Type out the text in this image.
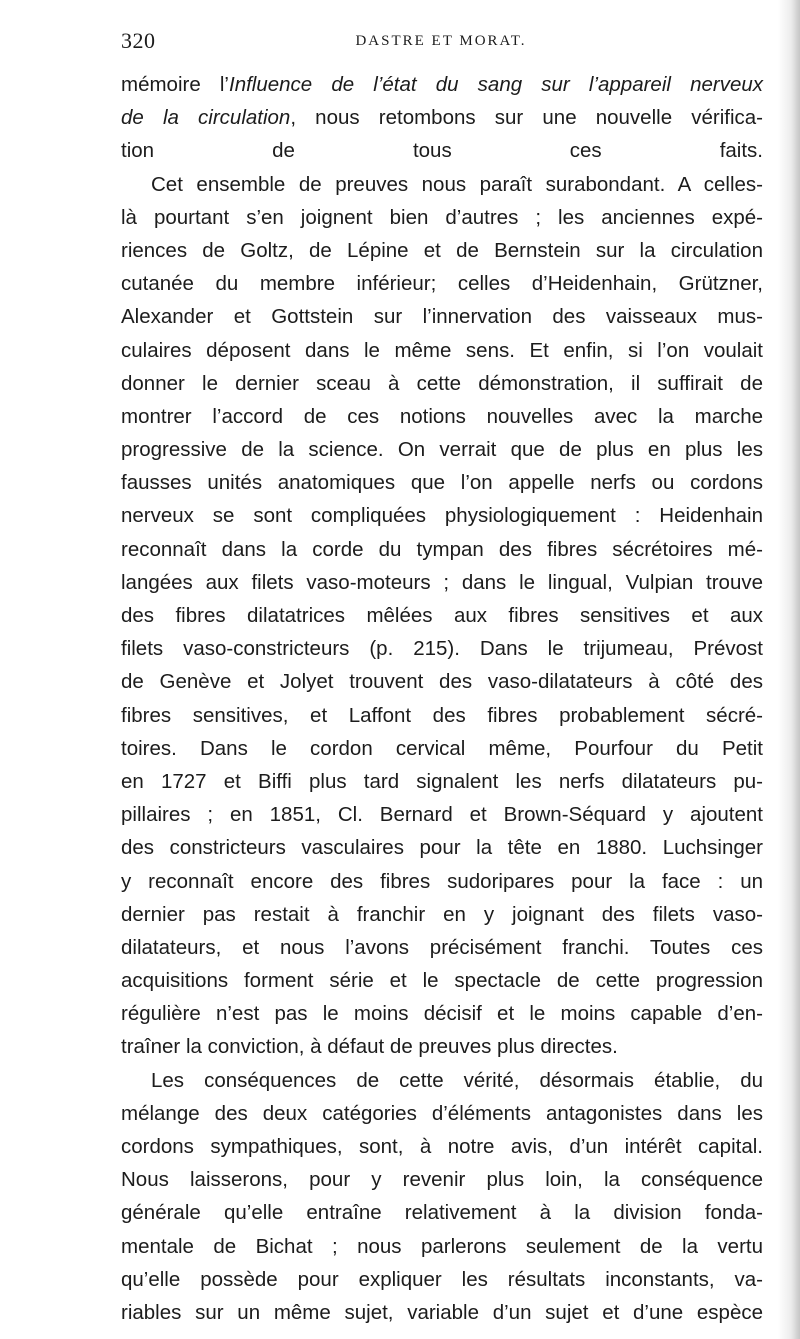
320	DASTRE ET MORAT.
mémoire l’Influence de l’état du sang sur l’appareil nerveux
de la circulation, nous retombons sur une nouvelle vérifica-
tion de tous ces faits.
Cet ensemble de preuves nous paraît surabondant. A celles-
là pourtant s’en joignent bien d’autres ; les anciennes expé-
riences de Goltz, de Lépine et de Bernstein sur la circulation
cutanée du membre inférieur; celles d’Heidenhain, Grützner,
Alexander et Gottstein sur l’innervation des vaisseaux mus-
culaires déposent dans le même sens. Et enfin, si l’on voulait
donner le dernier sceau à cette démonstration, il suffirait de
montrer l’accord de ces notions nouvelles avec la marche
progressive de la science. On verrait que de plus en plus les
fausses unités anatomiques que l’on appelle nerfs ou cordons
nerveux se sont compliquées physiologiquement : Heidenhain
reconnaît dans la corde du tympan des fibres sécrétoires mé-
langées aux filets vaso-moteurs ; dans le lingual, Vulpian trouve
des fibres dilatatrices mêlées aux fibres sensitives et aux
filets vaso-constricteurs (p. 215). Dans le trijumeau, Prévost
de Genève et Jolyet trouvent des vaso-dilatateurs à côté des
fibres sensitives, et Laffont des fibres probablement sécré-
toires. Dans le cordon cervical même, Pourfour du Petit
en 1727 et Biffi plus tard signalent les nerfs dilatateurs pu-
pillaires ; en 1851, Cl. Bernard et Brown-Séquard y ajoutent
des constricteurs vasculaires pour la tête en 1880. Luchsinger
y reconnaît encore des fibres sudoripares pour la face : un
dernier pas restait à franchir en y joignant des filets vaso-
dilatateurs, et nous l’avons précisément franchi. Toutes ces
acquisitions forment série et le spectacle de cette progression
régulière n’est pas le moins décisif et le moins capable d’en-
traîner la conviction, à défaut de preuves plus directes.
Les conséquences de cette vérité, désormais établie, du
mélange des deux catégories d’éléments antagonistes dans les
cordons sympathiques, sont, à notre avis, d’un intérêt capital.
Nous laisserons, pour y revenir plus loin, la conséquence
générale qu’elle entraîne relativement à la division fonda-
mentale de Bichat ; nous parlerons seulement de la vertu
qu’elle possède pour expliquer les résultats inconstants, va-
riables sur un même sujet, variable d’un sujet et d’une espèce
